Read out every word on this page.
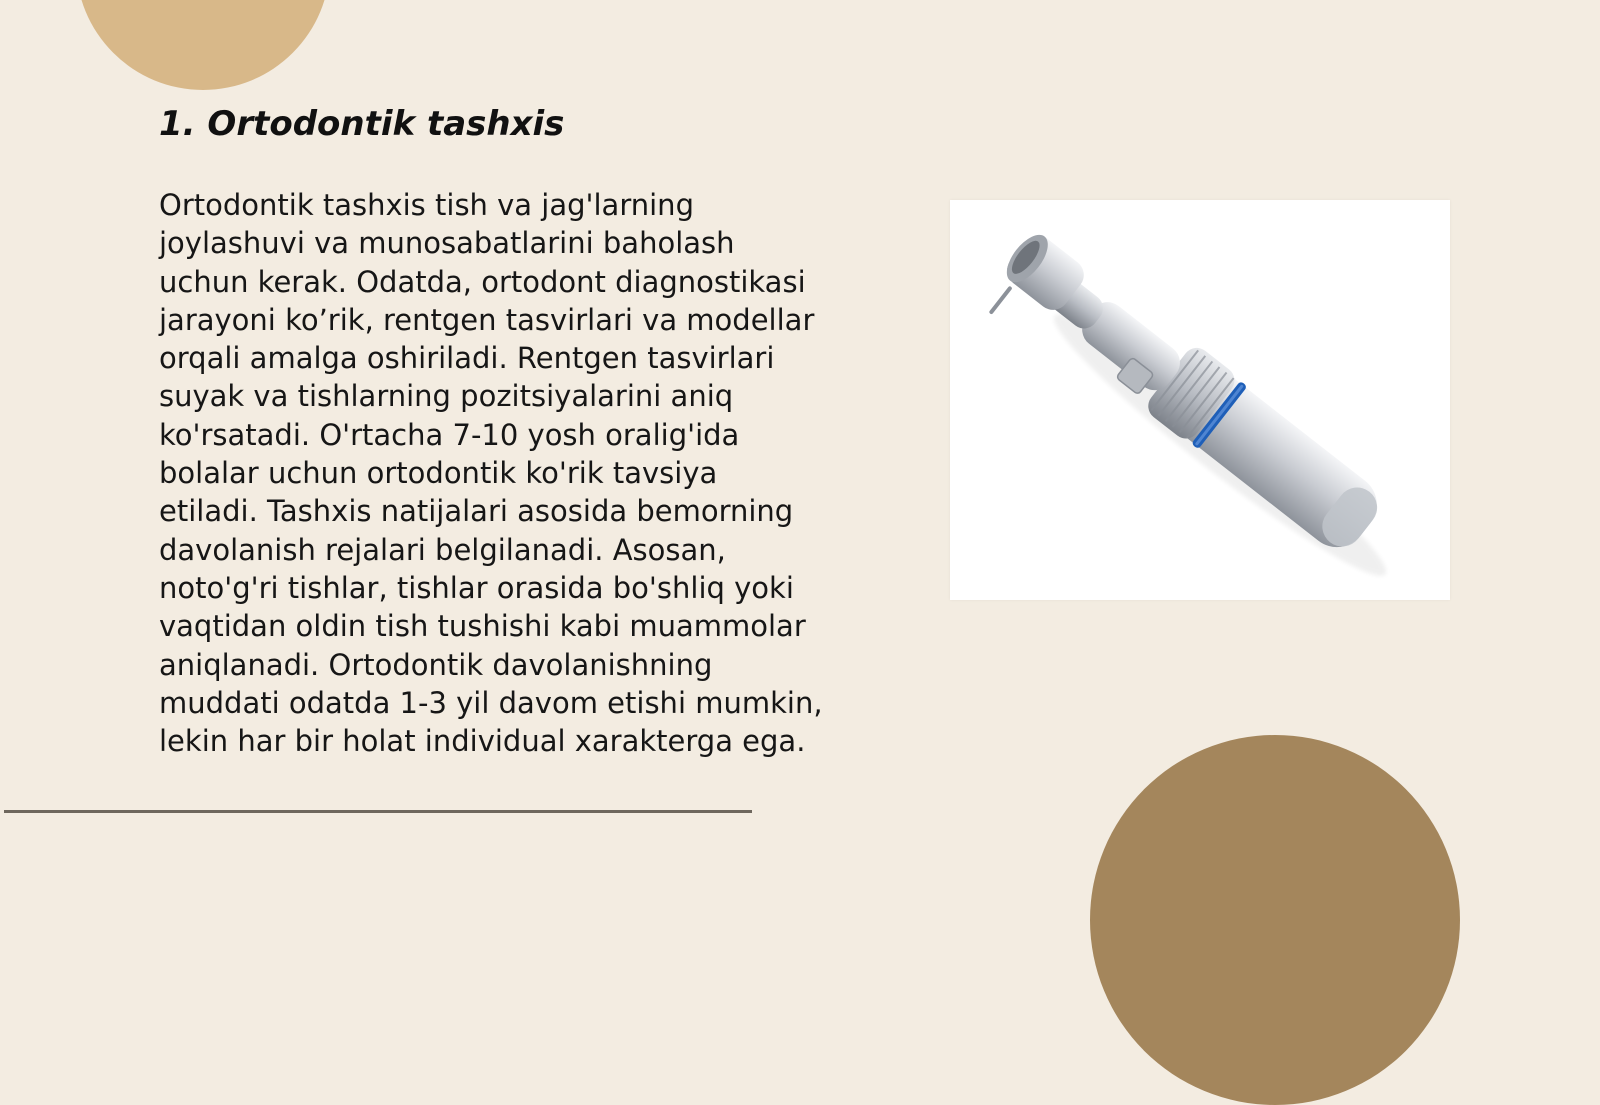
1. Ortodontik tashxis
Ortodontik tashxis tish va jag'larning
joylashuvi va munosabatlarini baholash
uchun kerak. Odatda, ortodont diagnostikasi
jarayoni ko’rik, rentgen tasvirlari va modellar
orqali amalga oshiriladi. Rentgen tasvirlari
suyak va tishlarning pozitsiyalarini aniq
ko'rsatadi. O'rtacha 7-10 yosh oralig'ida
bolalar uchun ortodontik ko'rik tavsiya
etiladi. Tashxis natijalari asosida bemorning
davolanish rejalari belgilanadi. Asosan,
noto'g'ri tishlar, tishlar orasida bo'shliq yoki
vaqtidan oldin tish tushishi kabi muammolar
aniqlanadi. Ortodontik davolanishning
muddati odatda 1-3 yil davom etishi mumkin,
lekin har bir holat individual xarakterga ega.
